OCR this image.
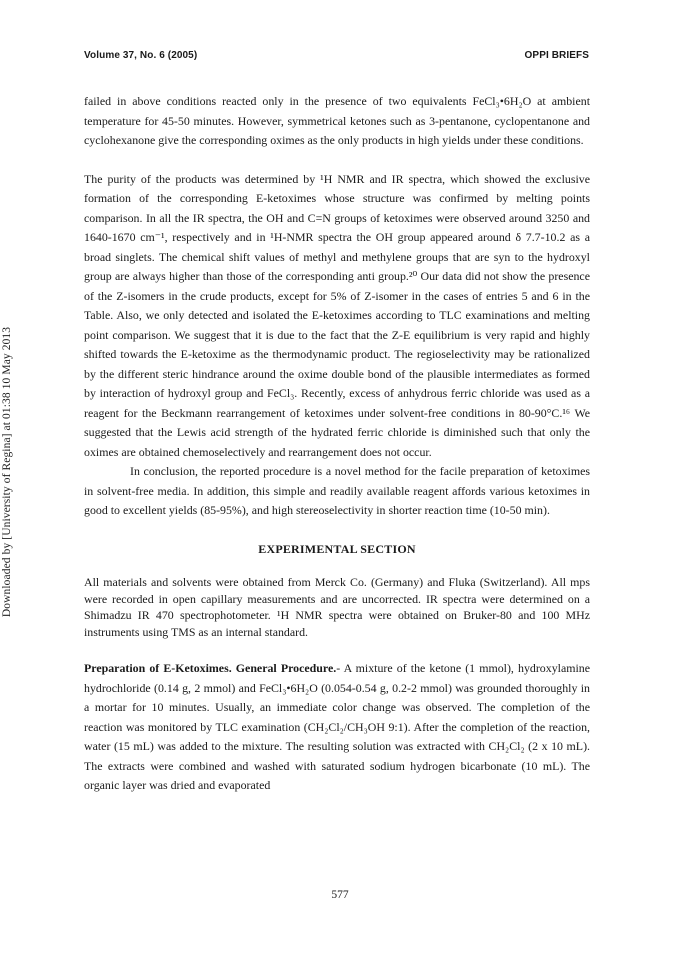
Downloaded by [University of Regina] at 01:38 10 May 2013
Volume 37, No. 6 (2005)	OPPI BRIEFS

failed in above conditions reacted only in the presence of two equivalents FeCl₃•6H₂O at ambient temperature for 45-50 minutes. However, symmetrical ketones such as 3-pentanone, cyclopentanone and cyclohexanone give the corresponding oximes as the only products in high yields under these conditions.

The purity of the products was determined by ¹H NMR and IR spectra, which showed the exclusive formation of the corresponding E-ketoximes whose structure was confirmed by melting points comparison. In all the IR spectra, the OH and C=N groups of ketoximes were observed around 3250 and 1640-1670 cm⁻¹, respectively and in ¹H-NMR spectra the OH group appeared around δ 7.7-10.2 as a broad singlets. The chemical shift values of methyl and methylene groups that are syn to the hydroxyl group are always higher than those of the corresponding anti group.²⁰ Our data did not show the presence of the Z-isomers in the crude products, except for 5% of Z-isomer in the cases of entries 5 and 6 in the Table. Also, we only detected and isolated the E-ketoximes according to TLC examinations and melting point comparison. We suggest that it is due to the fact that the Z-E equilibrium is very rapid and highly shifted towards the E-ketoxime as the thermodynamic product. The regioselectivity may be rationalized by the different steric hindrance around the oxime double bond of the plausible intermediates as formed by interaction of hydroxyl group and FeCl₃. Recently, excess of anhydrous ferric chloride was used as a reagent for the Beckmann rearrangement of ketoximes under solvent-free conditions in 80-90°C.¹⁶ We suggested that the Lewis acid strength of the hydrated ferric chloride is diminished such that only the oximes are obtained chemoselectively and rearrangement does not occur.

In conclusion, the reported procedure is a novel method for the facile preparation of ketoximes in solvent-free media. In addition, this simple and readily available reagent affords various ketoximes in good to excellent yields (85-95%), and high stereoselectivity in shorter reaction time (10-50 min).

EXPERIMENTAL SECTION

All materials and solvents were obtained from Merck Co. (Germany) and Fluka (Switzerland). All mps were recorded in open capillary measurements and are uncorrected. IR spectra were determined on a Shimadzu IR 470 spectrophotometer. ¹H NMR spectra were obtained on Bruker-80 and 100 MHz instruments using TMS as an internal standard.

Preparation of E-Ketoximes. General Procedure.- A mixture of the ketone (1 mmol), hydroxylamine hydrochloride (0.14 g, 2 mmol) and FeCl₃•6H₂O (0.054-0.54 g, 0.2-2 mmol) was grounded thoroughly in a mortar for 10 minutes. Usually, an immediate color change was observed. The completion of the reaction was monitored by TLC examination (CH₂Cl₂/CH₃OH 9:1). After the completion of the reaction, water (15 mL) was added to the mixture. The resulting solution was extracted with CH₂Cl₂ (2 x 10 mL). The extracts were combined and washed with saturated sodium hydrogen bicarbonate (10 mL). The organic layer was dried and evaporated

577
